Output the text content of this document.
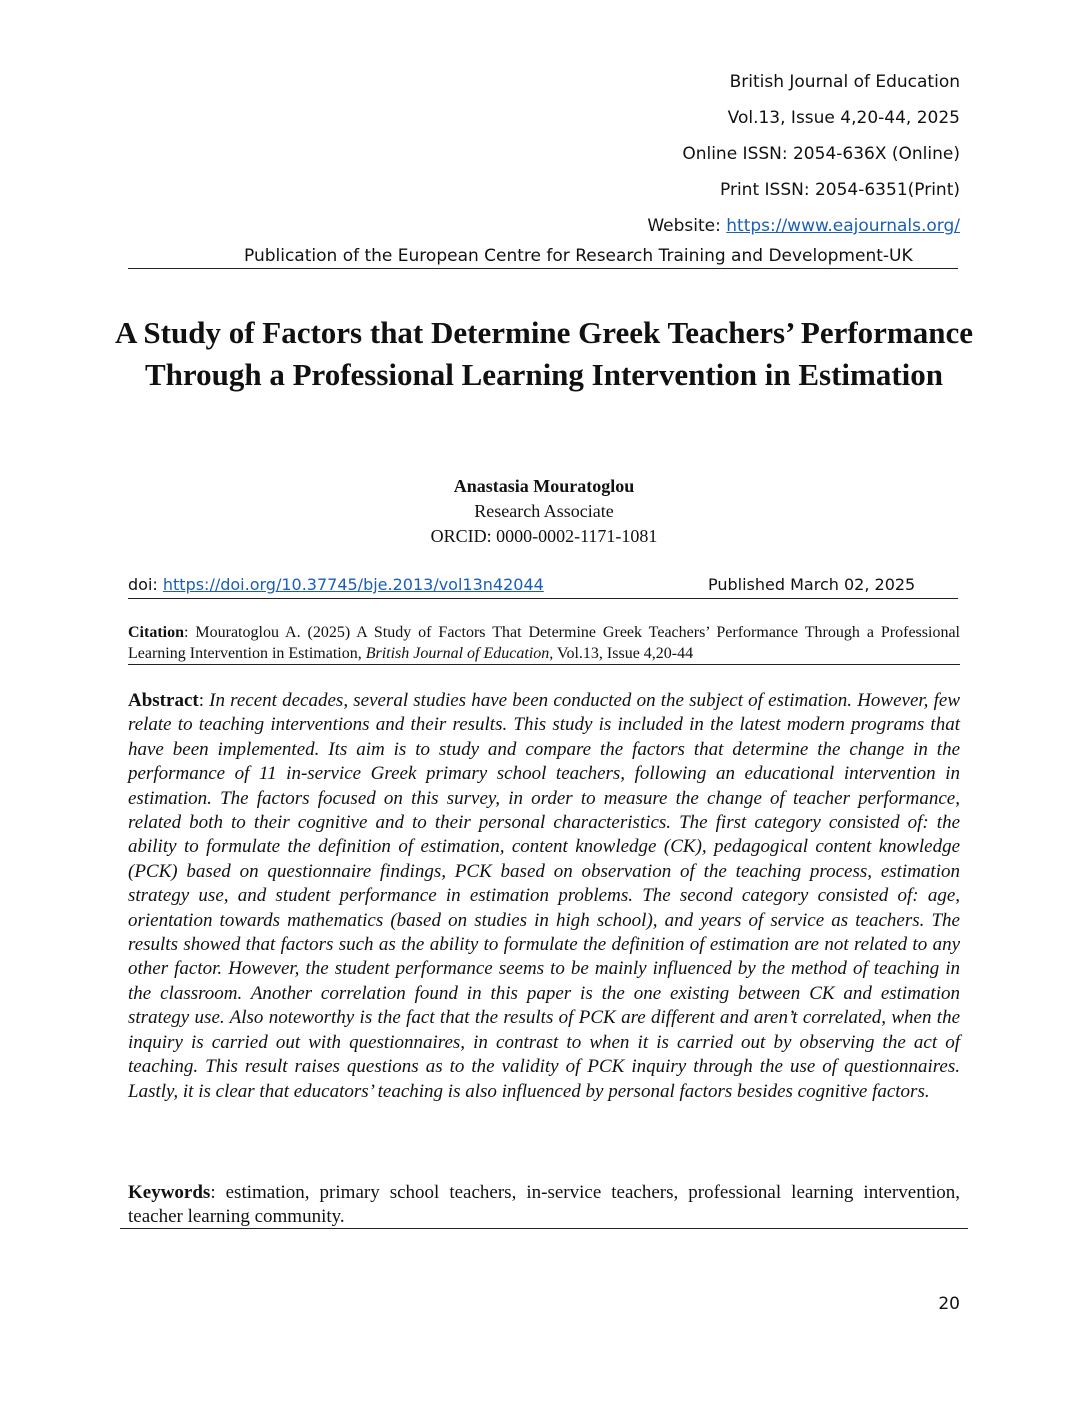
British Journal of Education
Vol.13, Issue 4,20-44, 2025
Online ISSN: 2054-636X (Online)
Print ISSN: 2054-6351(Print)
Website: https://www.eajournals.org/
Publication of the European Centre for Research Training and Development-UK
A Study of Factors that Determine Greek Teachers’ Performance Through a Professional Learning Intervention in Estimation
Anastasia Mouratoglou
Research Associate
ORCID: 0000-0002-1171-1081
doi: https://doi.org/10.37745/bje.2013/vol13n42044	Published March 02, 2025
Citation: Mouratoglou A. (2025) A Study of Factors That Determine Greek Teachers’ Performance Through a Professional Learning Intervention in Estimation, British Journal of Education, Vol.13, Issue 4,20-44
Abstract: In recent decades, several studies have been conducted on the subject of estimation. However, few relate to teaching interventions and their results. This study is included in the latest modern programs that have been implemented. Its aim is to study and compare the factors that determine the change in the performance of 11 in-service Greek primary school teachers, following an educational intervention in estimation. The factors focused on this survey, in order to measure the change of teacher performance, related both to their cognitive and to their personal characteristics. The first category consisted of: the ability to formulate the definition of estimation, content knowledge (CK), pedagogical content knowledge (PCK) based on questionnaire findings, PCK based on observation of the teaching process, estimation strategy use, and student performance in estimation problems. The second category consisted of: age, orientation towards mathematics (based on studies in high school), and years of service as teachers. The results showed that factors such as the ability to formulate the definition of estimation are not related to any other factor. However, the student performance seems to be mainly influenced by the method of teaching in the classroom. Another correlation found in this paper is the one existing between CK and estimation strategy use. Also noteworthy is the fact that the results of PCK are different and aren’t correlated, when the inquiry is carried out with questionnaires, in contrast to when it is carried out by observing the act of teaching. This result raises questions as to the validity of PCK inquiry through the use of questionnaires. Lastly, it is clear that educators’ teaching is also influenced by personal factors besides cognitive factors.
Keywords: estimation, primary school teachers, in-service teachers, professional learning intervention, teacher learning community.
20
